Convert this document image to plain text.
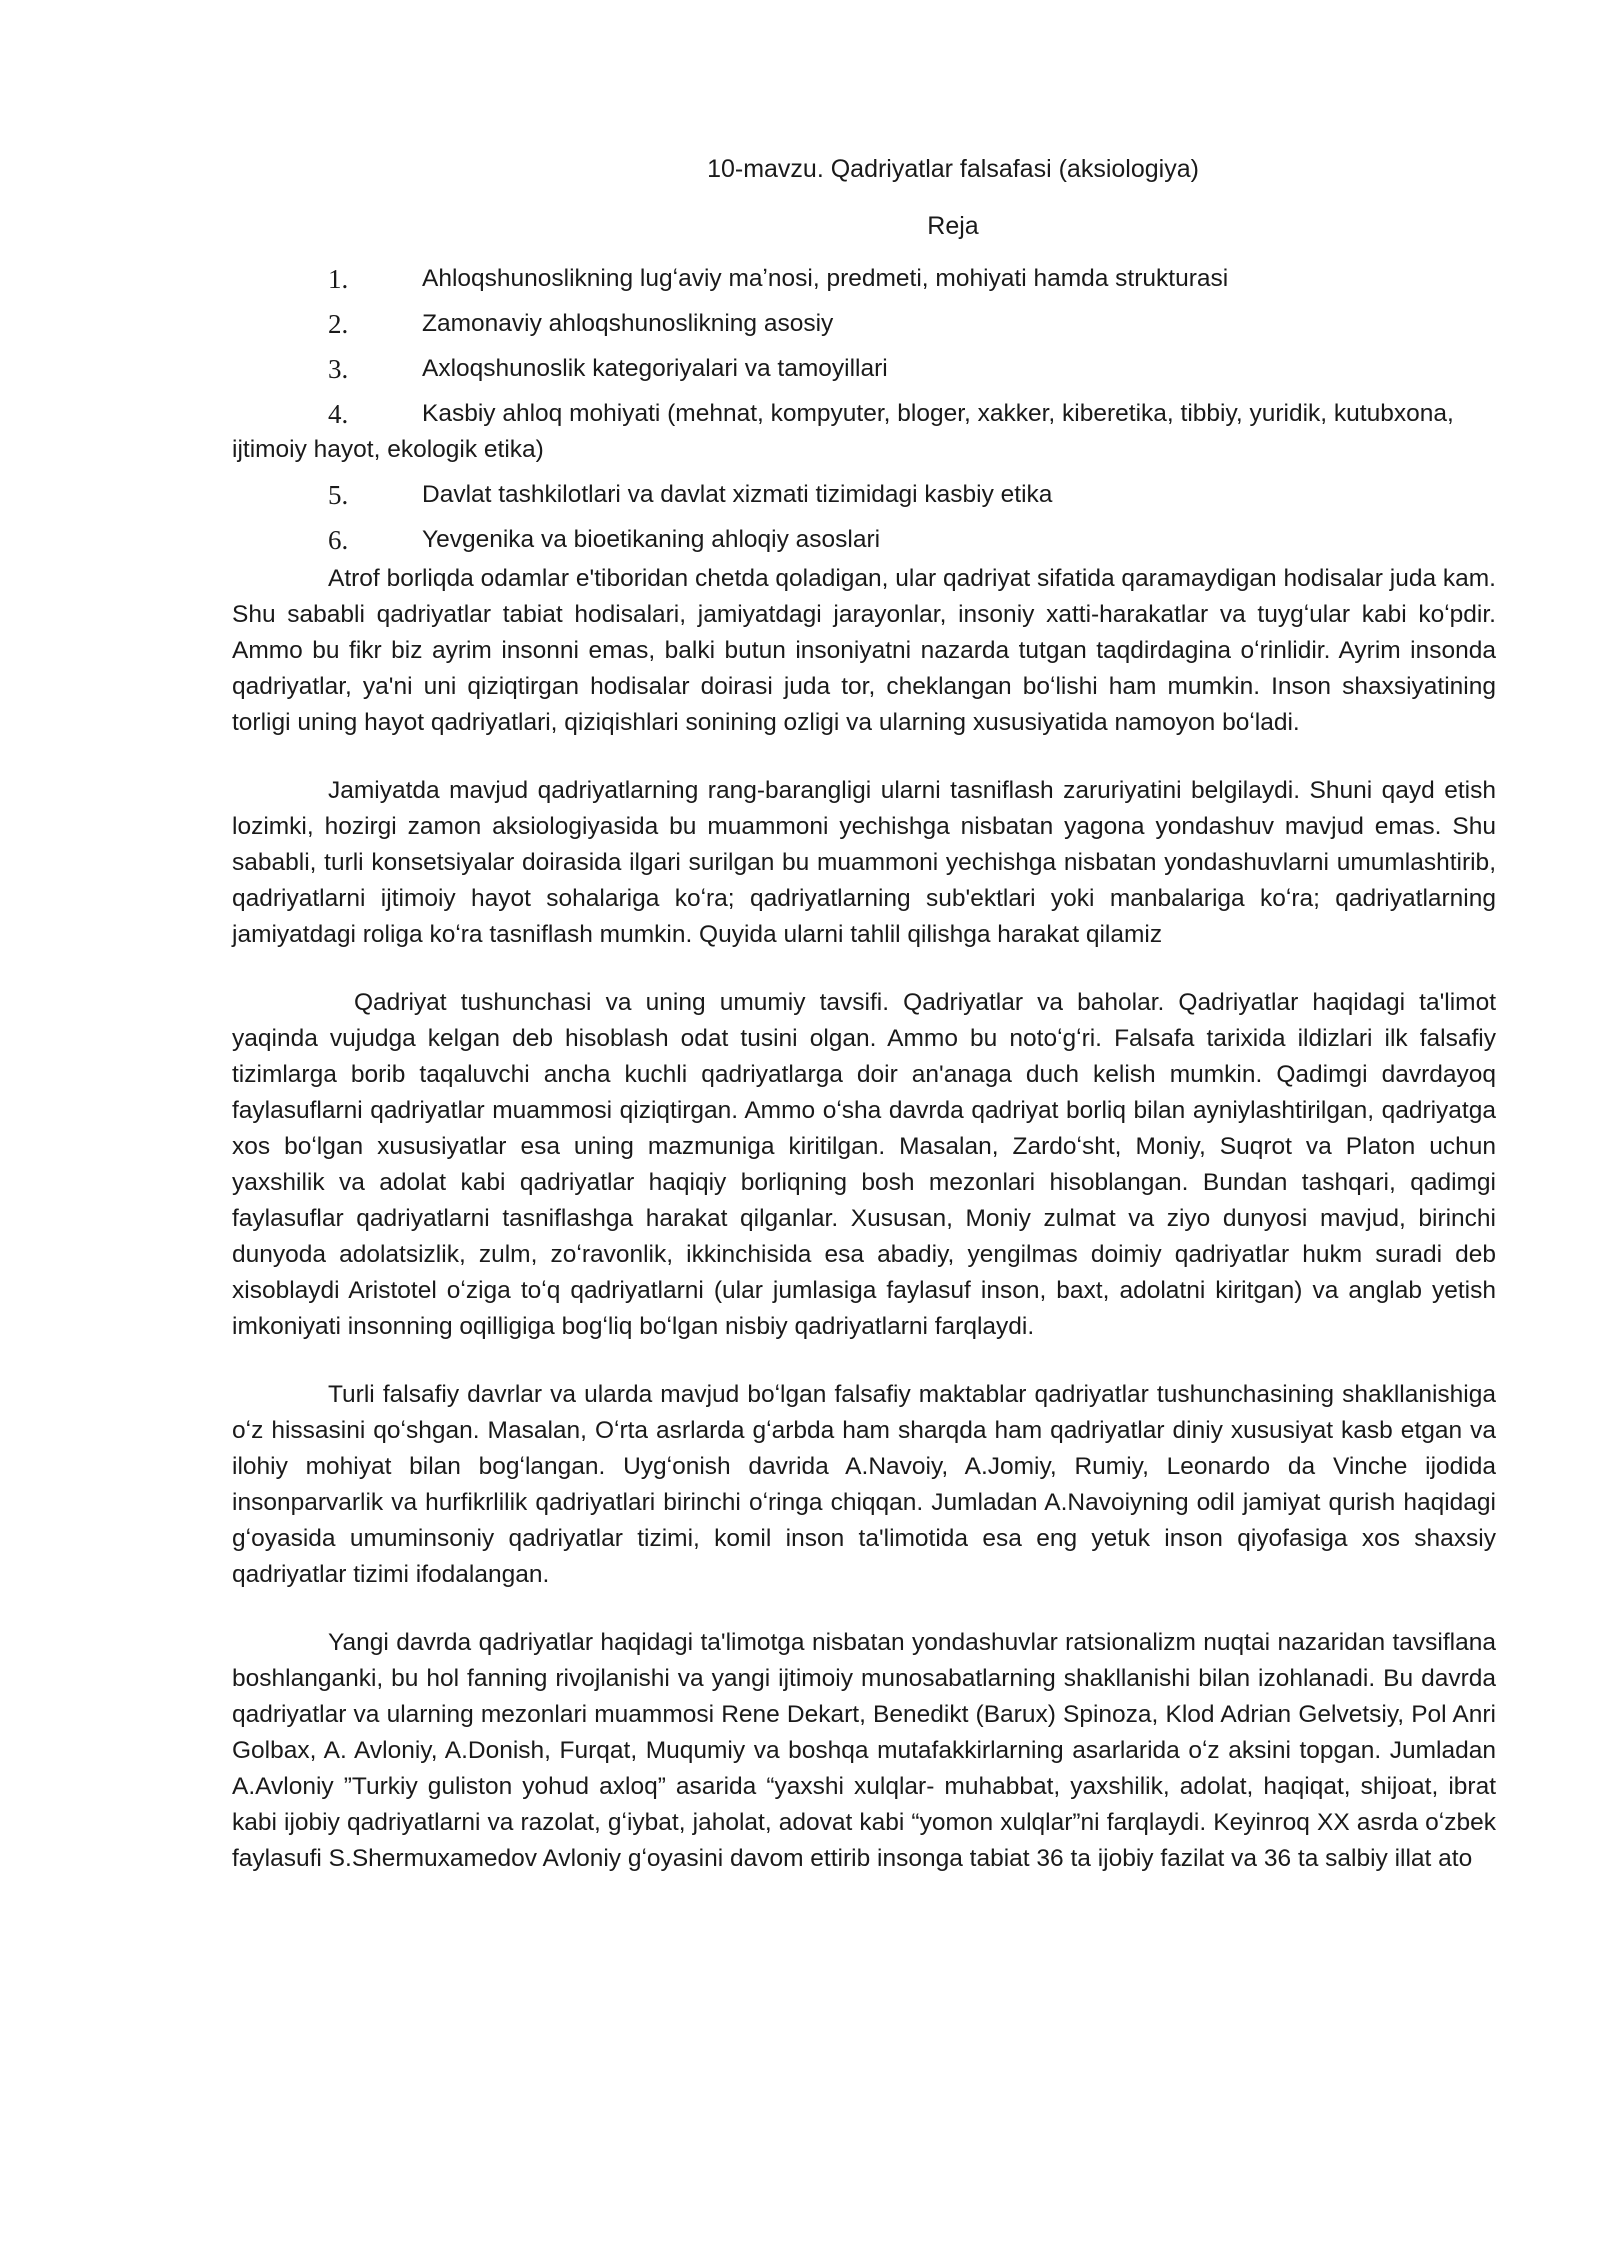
10-mavzu. Qadriyatlar falsafasi (aksiologiya)
Reja
1.	Ahloqshunoslikning lugʻaviy maʼnosi, predmeti, mohiyati hamda strukturasi
2.	Zamonaviy ahloqshunoslikning asosiy
3.	Axloqshunoslik kategoriyalari va tamoyillari
4.	Kasbiy ahloq mohiyati (mehnat, kompyuter, bloger, xakker, kiberetika, tibbiy, yuridik, kutubxona, ijtimoiy hayot, ekologik etika)
5.	Davlat tashkilotlari va davlat xizmati tizimidagi kasbiy etika
6.	Yevgenika va bioetikaning ahloqiy asoslari

Atrof borliqda odamlar e'tiboridan chetda qoladigan, ular qadriyat sifatida qaramaydigan hodisalar juda kam. Shu sababli qadriyatlar tabiat hodisalari, jamiyatdagi jarayonlar, insoniy xatti-harakatlar va tuygʻular kabi koʻpdir. Ammo bu fikr biz ayrim insonni emas, balki butun insoniyatni nazarda tutgan taqdirdagina oʻrinlidir. Ayrim insonda qadriyatlar, ya'ni uni qiziqtirgan hodisalar doirasi juda tor, cheklangan boʻlishi ham mumkin. Inson shaxsiyatining torligi uning hayot qadriyatlari, qiziqishlari sonining ozligi va ularning xususiyatida namoyon boʻladi.

Jamiyatda mavjud qadriyatlarning rang-barangligi ularni tasniflash zaruriyatini belgilaydi. Shuni qayd etish lozimki, hozirgi zamon aksiologiyasida bu muammoni yechishga nisbatan yagona yondashuv mavjud emas. Shu sababli, turli konsetsiyalar doirasida ilgari surilgan bu muammoni yechishga nisbatan yondashuvlarni umumlashtirib, qadriyatlarni ijtimoiy hayot sohalariga koʻra; qadriyatlarning sub'ektlari yoki manbalariga koʻra; qadriyatlarning jamiyatdagi roliga koʻra tasniflash mumkin. Quyida ularni tahlil qilishga harakat qilamiz

Qadriyat tushunchasi va uning umumiy tavsifi. Qadriyatlar va baholar. Qadriyatlar haqidagi ta'limot yaqinda vujudga kelgan deb hisoblash odat tusini olgan. Ammo bu notoʻgʻri. Falsafa tarixida ildizlari ilk falsafiy tizimlarga borib taqaluvchi ancha kuchli qadriyatlarga doir an'anaga duch kelish mumkin. Qadimgi davrdayoq faylasuflarni qadriyatlar muammosi qiziqtirgan. Ammo oʻsha davrda qadriyat borliq bilan ayniylashtirilgan, qadriyatga xos boʻlgan xususiyatlar esa uning mazmuniga kiritilgan. Masalan, Zardoʻsht, Moniy, Suqrot va Platon uchun yaxshilik va adolat kabi qadriyatlar haqiqiy borliqning bosh mezonlari hisoblangan. Bundan tashqari, qadimgi faylasuflar qadriyatlarni tasniflashga harakat qilganlar. Xususan, Moniy zulmat va ziyo dunyosi mavjud, birinchi dunyoda adolatsizlik, zulm, zoʻravonlik, ikkinchisida esa abadiy, yengilmas doimiy qadriyatlar hukm suradi deb xisoblaydi Aristotel oʻziga toʻq qadriyatlarni (ular jumlasiga faylasuf inson, baxt, adolatni kiritgan) va anglab yetish imkoniyati insonning oqilligiga bogʻliq boʻlgan nisbiy qadriyatlarni farqlaydi.

Turli falsafiy davrlar va ularda mavjud boʻlgan falsafiy maktablar qadriyatlar tushunchasining shakllanishiga oʻz hissasini qoʻshgan. Masalan, Oʻrta asrlarda gʻarbda ham sharqda ham qadriyatlar diniy xususiyat kasb etgan va ilohiy mohiyat bilan bogʻlangan. Uygʻonish davrida A.Navoiy, A.Jomiy, Rumiy, Leonardo da Vinche ijodida insonparvarlik va hurfikrlilik qadriyatlari birinchi oʻringa chiqqan. Jumladan A.Navoiyning odil jamiyat qurish haqidagi gʻoyasida umuminsoniy qadriyatlar tizimi, komil inson ta'limotida esa eng yetuk inson qiyofasiga xos shaxsiy qadriyatlar tizimi ifodalangan.

Yangi davrda qadriyatlar haqidagi ta'limotga nisbatan yondashuvlar ratsionalizm nuqtai nazaridan tavsiflana boshlanganki, bu hol fanning rivojlanishi va yangi ijtimoiy munosabatlarning shakllanishi bilan izohlanadi. Bu davrda qadriyatlar va ularning mezonlari muammosi Rene Dekart, Benedikt (Barux) Spinoza, Klod Adrian Gelvetsiy, Pol Anri Golbax, A. Avloniy, A.Donish, Furqat, Muqumiy va boshqa mutafakkirlarning asarlarida oʻz aksini topgan. Jumladan A.Avloniy ”Turkiy guliston yohud axloq” asarida “yaxshi xulqlar- muhabbat, yaxshilik, adolat, haqiqat, shijoat, ibrat kabi ijobiy qadriyatlarni va razolat, gʻiybat, jaholat, adovat kabi “yomon xulqlar”ni farqlaydi. Keyinroq XX asrda oʻzbek faylasufi S.Shermuxamedov Avloniy gʻoyasini davom ettirib insonga tabiat 36 ta ijobiy fazilat va 36 ta salbiy illat ato
